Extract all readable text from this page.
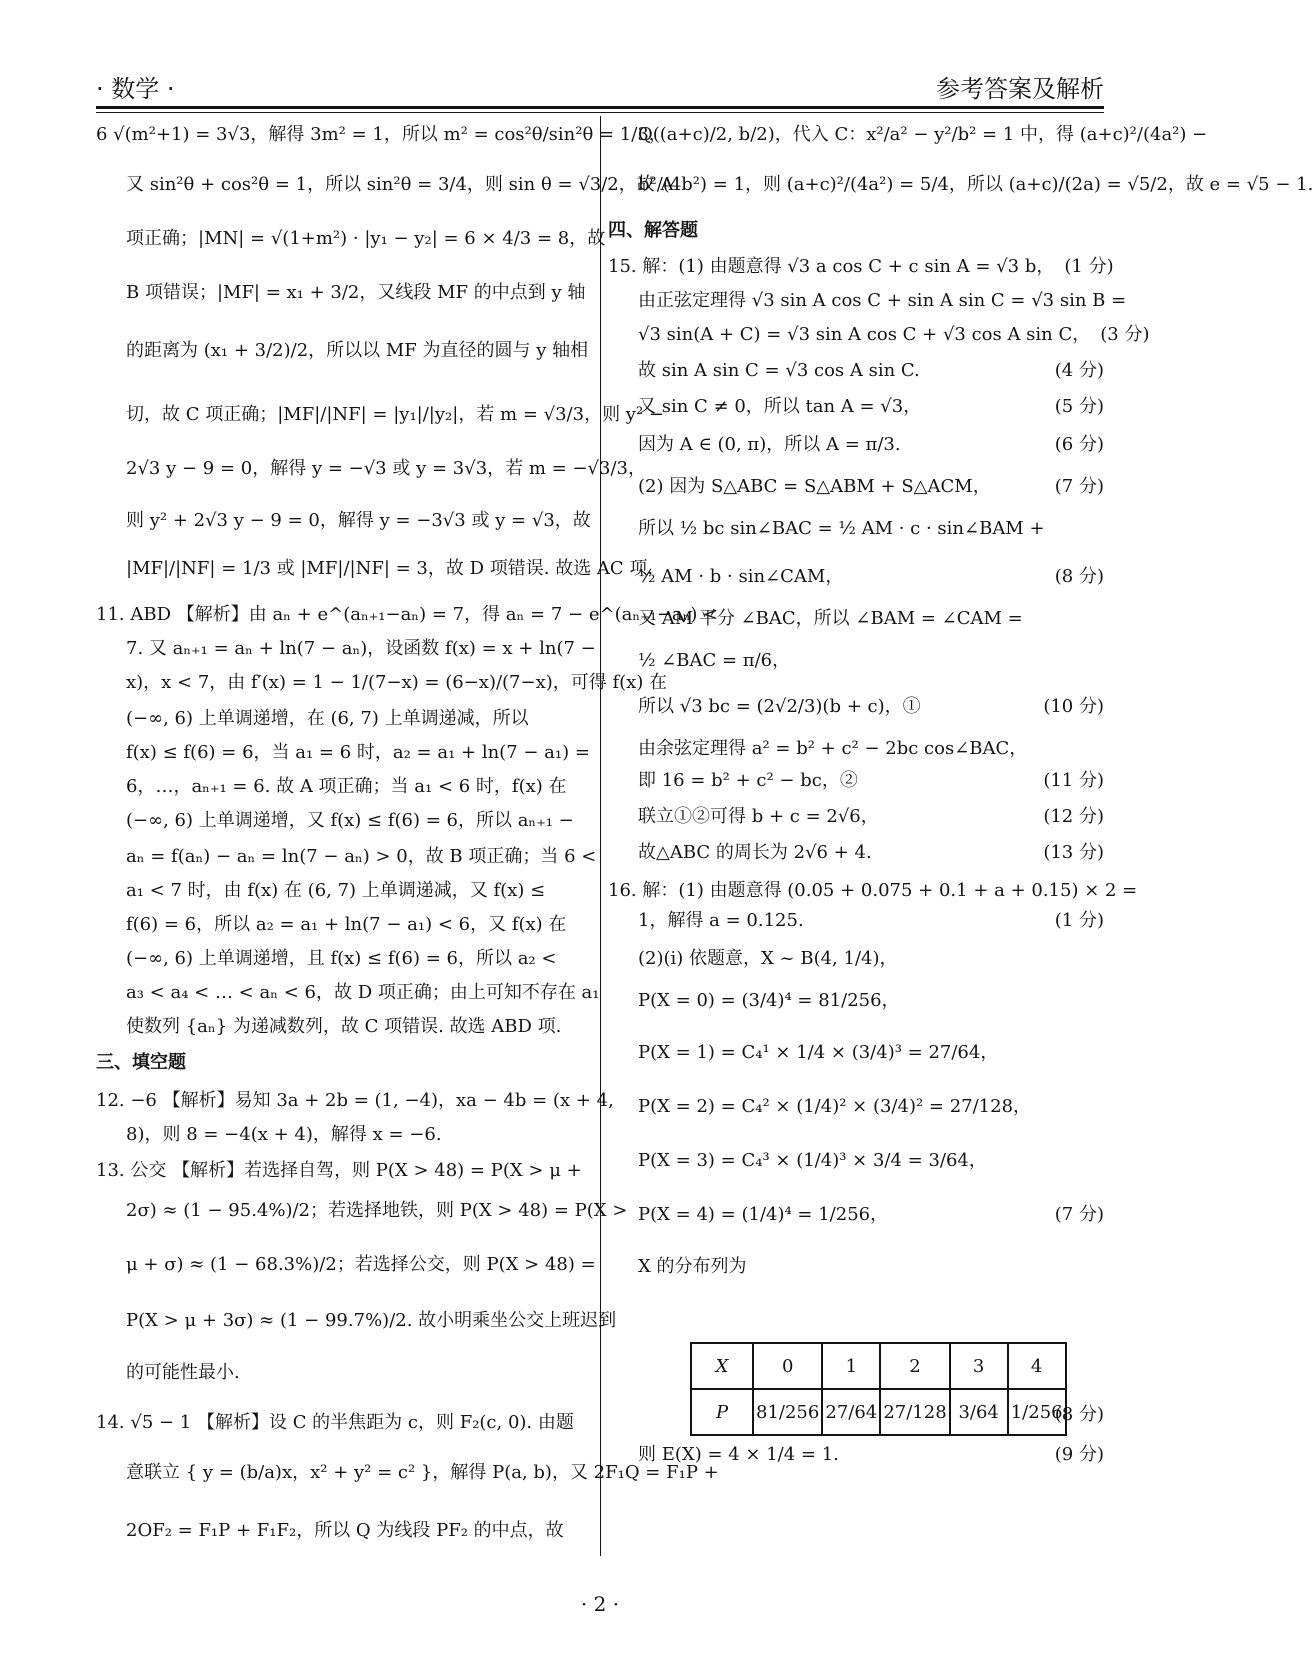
· 数学 ·	参考答案及解析
6 √(m²+1) = 3√3，解得 3m² = 1，所以 m² = cos²θ/sin²θ = 1/3，
又 sin²θ + cos²θ = 1，所以 sin²θ = 3/4，则 sin θ = √3/2，故 A
项正确；|MN| = √(1+m²) · |y₁ − y₂| = 6 × 4/3 = 8，故
B 项错误；|MF| = x₁ + 3/2，又线段 MF 的中点到 y 轴
的距离为 (x₁ + 3/2)/2，所以以 MF 为直径的圆与 y 轴相
切，故 C 项正确；|MF|/|NF| = |y₁|/|y₂|，若 m = √3/3，则 y² −
2√3 y − 9 = 0，解得 y = −√3 或 y = 3√3，若 m = −√3/3，
则 y² + 2√3 y − 9 = 0，解得 y = −3√3 或 y = √3，故
|MF|/|NF| = 1/3 或 |MF|/|NF| = 3，故 D 项错误. 故选 AC 项.
11. ABD 【解析】由 aₙ + e^(aₙ₊₁−aₙ) = 7，得 aₙ = 7 − e^(aₙ₊₁−aₙ) <
7. 又 aₙ₊₁ = aₙ + ln(7 − aₙ)，设函数 f(x) = x + ln(7 −
x)，x < 7，由 f′(x) = 1 − 1/(7−x) = (6−x)/(7−x)，可得 f(x) 在
(−∞, 6) 上单调递增，在 (6, 7) 上单调递减，所以
f(x) ≤ f(6) = 6，当 a₁ = 6 时，a₂ = a₁ + ln(7 − a₁) =
6，…，aₙ₊₁ = 6. 故 A 项正确；当 a₁ < 6 时，f(x) 在
(−∞, 6) 上单调递增，又 f(x) ≤ f(6) = 6，所以 aₙ₊₁ −
aₙ = f(aₙ) − aₙ = ln(7 − aₙ) > 0，故 B 项正确；当 6 <
a₁ < 7 时，由 f(x) 在 (6, 7) 上单调递减，又 f(x) ≤
f(6) = 6，所以 a₂ = a₁ + ln(7 − a₁) < 6，又 f(x) 在
(−∞, 6) 上单调递增，且 f(x) ≤ f(6) = 6，所以 a₂ <
a₃ < a₄ < … < aₙ < 6，故 D 项正确；由上可知不存在 a₁
使数列 {aₙ} 为递减数列，故 C 项错误. 故选 ABD 项.
三、填空题
12. −6 【解析】易知 3a + 2b = (1, −4)，xa − 4b = (x + 4,
8)，则 8 = −4(x + 4)，解得 x = −6.
13. 公交 【解析】若选择自驾，则 P(X > 48) = P(X > μ +
2σ) ≈ (1 − 95.4%)/2；若选择地铁，则 P(X > 48) = P(X >
μ + σ) ≈ (1 − 68.3%)/2；若选择公交，则 P(X > 48) =
P(X > μ + 3σ) ≈ (1 − 99.7%)/2. 故小明乘坐公交上班迟到
的可能性最小.
14. √5 − 1 【解析】设 C 的半焦距为 c，则 F₂(c, 0). 由题
意联立 { y = (b/a)x，x² + y² = c² }，解得 P(a, b)，又 2F₁Q = F₁P +
2OF₂ = F₁P + F₁F₂，所以 Q 为线段 PF₂ 的中点，故
X	0	1	2	3	4
P	81/256	27/64	27/128	3/64	1/256
Q((a+c)/2, b/2)，代入 C：x²/a² − y²/b² = 1 中，得 (a+c)²/(4a²) −
b²/(4b²) = 1，则 (a+c)²/(4a²) = 5/4，所以 (a+c)/(2a) = √5/2，故 e = √5 − 1.
四、解答题
15. 解：(1) 由题意得 √3 a cos C + c sin A = √3 b， (1 分)
由正弦定理得 √3 sin A cos C + sin A sin C = √3 sin B =
√3 sin(A + C) = √3 sin A cos C + √3 cos A sin C， (3 分)
故 sin A sin C = √3 cos A sin C.	(4 分)
又 sin C ≠ 0，所以 tan A = √3，	(5 分)
因为 A ∈ (0, π)，所以 A = π/3.	(6 分)
(2) 因为 S△ABC = S△ABM + S△ACM，	(7 分)
所以 ½ bc sin∠BAC = ½ AM · c · sin∠BAM +
½ AM · b · sin∠CAM，	(8 分)
又 AM 平分 ∠BAC，所以 ∠BAM = ∠CAM =
½ ∠BAC = π/6，
所以 √3 bc = (2√2/3)(b + c)，①	(10 分)
由余弦定理得 a² = b² + c² − 2bc cos∠BAC，
即 16 = b² + c² − bc，②	(11 分)
联立①②可得 b + c = 2√6，	(12 分)
故△ABC 的周长为 2√6 + 4.	(13 分)
16. 解：(1) 由题意得 (0.05 + 0.075 + 0.1 + a + 0.15) × 2 =
1，解得 a = 0.125.	(1 分)
(2)(i) 依题意，X ~ B(4, 1/4)，
P(X = 0) = (3/4)⁴ = 81/256，
P(X = 1) = C₄¹ × 1/4 × (3/4)³ = 27/64，
P(X = 2) = C₄² × (1/4)² × (3/4)² = 27/128，
P(X = 3) = C₄³ × (1/4)³ × 3/4 = 3/64，
P(X = 4) = (1/4)⁴ = 1/256，	(7 分)
X 的分布列为
(8 分)
则 E(X) = 4 × 1/4 = 1.	(9 分)
· 2 ·
